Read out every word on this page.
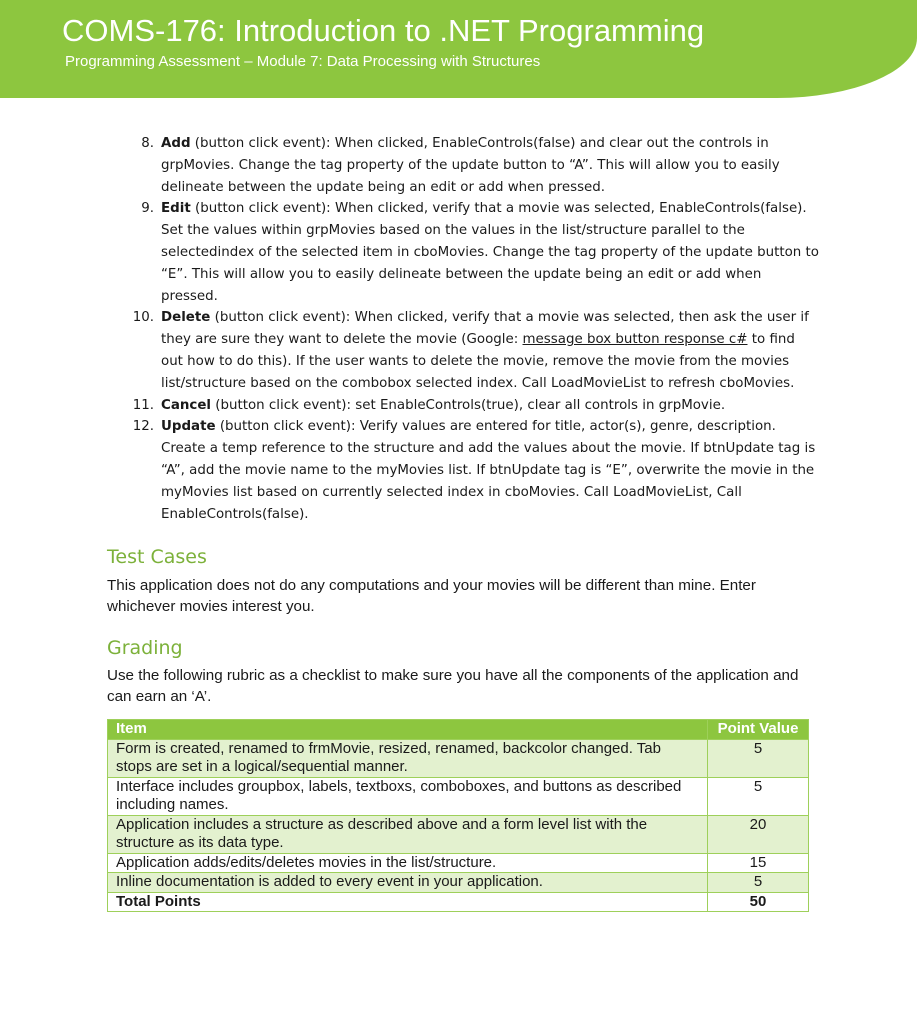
COMS-176: Introduction to .NET Programming
Programming Assessment – Module 7: Data Processing with Structures
8. Add (button click event): When clicked, EnableControls(false) and clear out the controls in grpMovies. Change the tag property of the update button to “A”. This will allow you to easily delineate between the update being an edit or add when pressed.
9. Edit (button click event): When clicked, verify that a movie was selected, EnableControls(false). Set the values within grpMovies based on the values in the list/structure parallel to the selectedindex of the selected item in cboMovies. Change the tag property of the update button to “E”. This will allow you to easily delineate between the update being an edit or add when pressed.
10. Delete (button click event): When clicked, verify that a movie was selected, then ask the user if they are sure they want to delete the movie (Google: message box button response c# to find out how to do this). If the user wants to delete the movie, remove the movie from the movies list/structure based on the combobox selected index. Call LoadMovieList to refresh cboMovies.
11. Cancel (button click event): set EnableControls(true), clear all controls in grpMovie.
12. Update (button click event): Verify values are entered for title, actor(s), genre, description. Create a temp reference to the structure and add the values about the movie. If btnUpdate tag is “A”, add the movie name to the myMovies list. If btnUpdate tag is “E”, overwrite the movie in the myMovies list based on currently selected index in cboMovies. Call LoadMovieList, Call EnableControls(false).
Test Cases

This application does not do any computations and your movies will be different than mine. Enter whichever movies interest you.

Grading

Use the following rubric as a checklist to make sure you have all the components of the application and can earn an ‘A’.

Item	Point Value
Form is created, renamed to frmMovie, resized, renamed, backcolor changed. Tab stops are set in a logical/sequential manner.	5
Interface includes groupbox, labels, textboxs, comboboxes, and buttons as described including names.	5
Application includes a structure as described above and a form level list with the structure as its data type.	20
Application adds/edits/deletes movies in the list/structure.	15
Inline documentation is added to every event in your application.	5
Total Points	50
